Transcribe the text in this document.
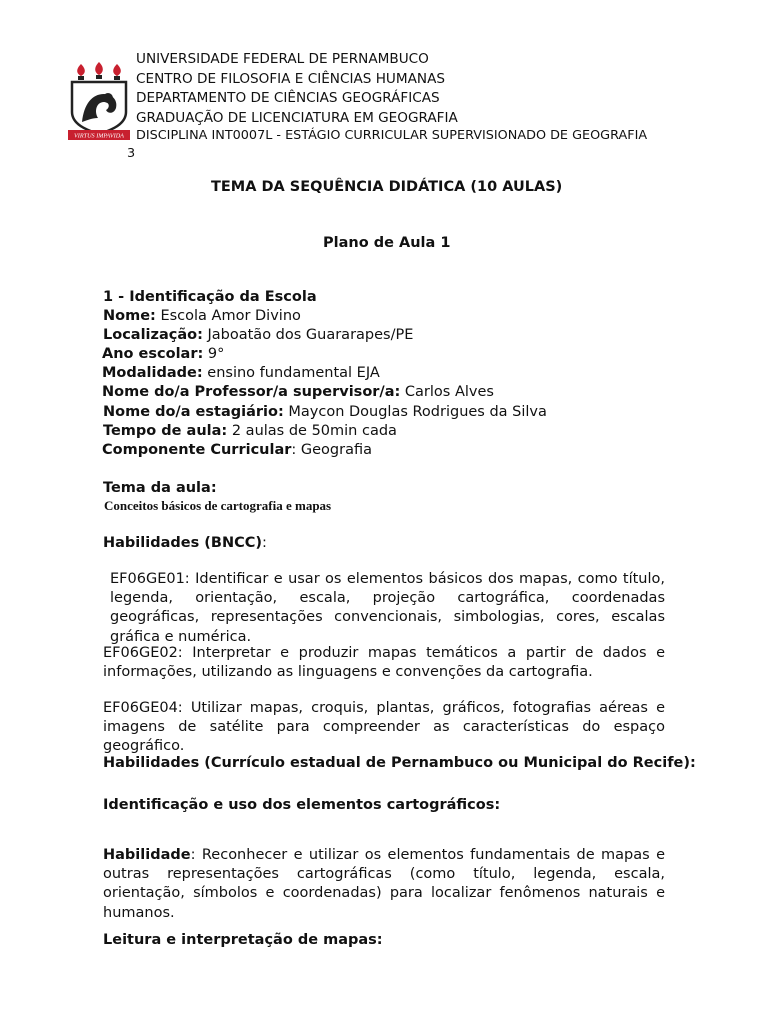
VIRTUS IMPAVIDA
UNIVERSIDADE FEDERAL DE PERNAMBUCO
CENTRO DE FILOSOFIA E CIÊNCIAS HUMANAS
DEPARTAMENTO DE CIÊNCIAS GEOGRÁFICAS
GRADUAÇÃO DE LICENCIATURA EM GEOGRAFIA
DISCIPLINA INT0007L - ESTÁGIO CURRICULAR SUPERVISIONADO DE GEOGRAFIA
3
TEMA DA SEQUÊNCIA DIDÁTICA (10 AULAS)
Plano de Aula 1
1 - Identificação da Escola
Nome: Escola Amor Divino
Localização: Jaboatão dos Guararapes/PE
Ano escolar: 9°
Modalidade: ensino fundamental EJA
Nome do/a Professor/a supervisor/a: Carlos Alves
Nome do/a estagiário: Maycon Douglas Rodrigues da Silva
Tempo de aula: 2 aulas de 50min cada
Componente Curricular: Geografia
Tema da aula:
Conceitos básicos de cartografia e mapas
Habilidades (BNCC):
EF06GE01: Identificar e usar os elementos básicos dos mapas, como título, legenda, orientação, escala, projeção cartográfica, coordenadas geográficas, representações convencionais, simbologias, cores, escalas gráfica e numérica.
EF06GE02: Interpretar e produzir mapas temáticos a partir de dados e informações, utilizando as linguagens e convenções da cartografia.
EF06GE04: Utilizar mapas, croquis, plantas, gráficos, fotografias aéreas e imagens de satélite para compreender as características do espaço geográfico.
Habilidades (Currículo estadual de Pernambuco ou Municipal do Recife):
Identificação e uso dos elementos cartográficos:
Habilidade: Reconhecer e utilizar os elementos fundamentais de mapas e outras representações cartográficas (como título, legenda, escala, orientação, símbolos e coordenadas) para localizar fenômenos naturais e humanos.
Leitura e interpretação de mapas:
